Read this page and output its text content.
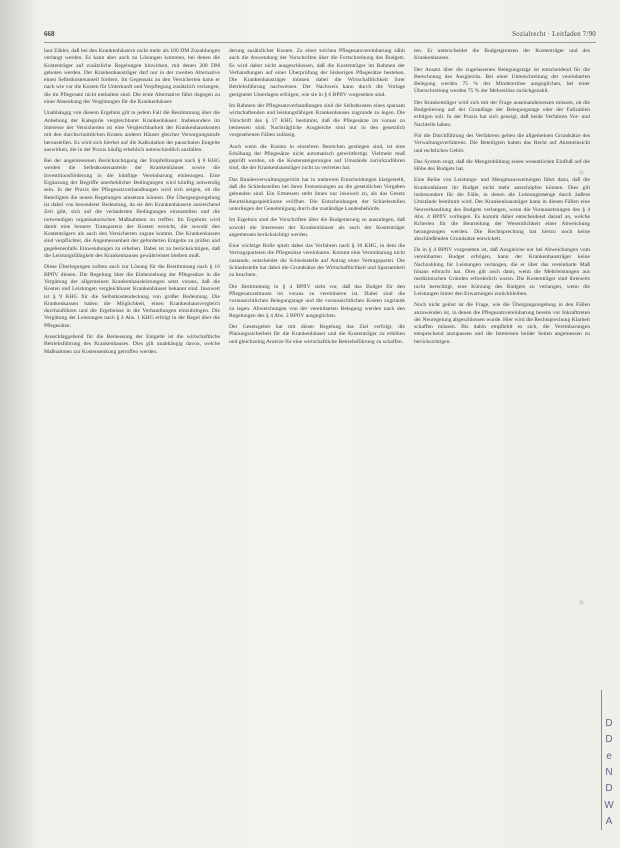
668	Sozialrecht · Leitfaden 7/90

laut Zähler, daß bei den Krankenhäusern nicht mehr als 100 DM Zuzahlungen verlangt werden. Es kann aber auch zu Lösungen kommen, bei denen die Kostenträger auf zusätzliche Regelungen hinwirken, mit denen 200 DM geboten werden. Der Krankenhausträger darf nur in der zweiten Alternative einen Selbstkostenanteil fordern. Im Gegensatz zu den Versicherten kann er nach wie vor die Kosten für Unterkunft und Verpflegung zusätzlich verlangen, die im Pflegesatz nicht enthalten sind. Die erste Alternative führt dagegen zu einer Absenkung der Vergütungen für die Krankenhäuser.

Unabhängig von diesem Ergebnis gilt in jedem Fall die Bestimmung über die Anhebung der Kategorie vergleichbarer Krankenhäuser. Insbesondere im Interesse der Versicherten ist eine Vergleichbarkeit der Krankenhauskosten mit den durchschnittlichen Kosten anderer Häuser gleicher Versorgungsstufe herzustellen. Es wird sich hierbei auf die Kalkulation der pauschalen Entgelte auswirken, die in der Praxis häufig erheblich unterschiedlich ausfallen.

Bei der angemessenen Berücksichtigung der Empfehlungen nach § 8 KHG werden die Selbstkostenanteile der Krankenhäuser sowie die Investitionsförderung in die künftige Vereinbarung einbezogen. Eine Ergänzung der Begriffe unerheblicher Bedingungen wird künftig notwendig sein. In der Praxis der Pflegesatzverhandlungen wird sich zeigen, ob die Beteiligten die neuen Regelungen umsetzen können. Die Übergangsregelung ist dabei von besonderer Bedeutung, da sie den Krankenhäusern ausreichend Zeit gibt, sich auf die veränderten Bedingungen einzustellen und die notwendigen organisatorischen Maßnahmen zu treffen. Im Ergebnis wird damit eine bessere Transparenz der Kosten erreicht, die sowohl den Kostenträgern als auch den Versicherten zugute kommt. Die Krankenkassen sind verpflichtet, die Angemessenheit der geforderten Entgelte zu prüfen und gegebenenfalls Einwendungen zu erheben. Dabei ist zu berücksichtigen, daß die Leistungsfähigkeit des Krankenhauses gewährleistet bleiben muß.

Diese Überlegungen sollten auch zur Lösung für die Bestimmung nach § 16 BPflV dienen. Die Regelung über die Einbeziehung der Pflegesätze in die Vergütung der allgemeinen Krankenhausleistungen setzt voraus, daß die Kosten und Leistungen vergleichbarer Krankenhäuser bekannt sind. Insoweit ist § 9 KHG für die Selbstkostendeckung von großer Bedeutung. Die Krankenkassen haben die Möglichkeit, einen Krankenhausvergleich durchzuführen und die Ergebnisse in die Verhandlungen einzubringen. Die Vergütung der Leistungen nach § 4 Abs. 1 KHG erfolgt in der Regel über die Pflegesätze.

Ausschlaggebend für die Bemessung der Entgelte ist die wirtschaftliche Betriebsführung des Krankenhauses. Dies gilt unabhängig davon, welche Maßnahmen zur Kostensenkung getroffen werden.

derung zusätzlicher Kosten. Zu einer solchen Pflegesatzvereinbarung zählt auch die Anwendung der Vorschriften über die Fortschreibung des Budgets. Es wird daher nicht ausgeschlossen, daß die Kostenträger im Rahmen der Verhandlungen auf einer Überprüfung der bisherigen Pflegesätze bestehen. Die Krankenhausträger müssen dabei die Wirtschaftlichkeit ihrer Betriebsführung nachweisen. Der Nachweis kann durch die Vorlage geeigneter Unterlagen erfolgen, wie sie in § 6 BPflV vorgesehen sind.

Im Rahmen der Pflegesatzverhandlungen sind die Selbstkosten eines sparsam wirtschaftenden und leistungsfähigen Krankenhauses zugrunde zu legen. Die Vorschrift des § 17 KHG bestimmt, daß die Pflegesätze im voraus zu bemessen sind. Nachträgliche Ausgleiche sind nur in den gesetzlich vorgesehenen Fällen zulässig.

Auch wenn die Kosten in einzelnen Bereichen gestiegen sind, ist eine Erhöhung der Pflegesätze nicht automatisch gerechtfertigt. Vielmehr muß geprüft werden, ob die Kostensteigerungen auf Umstände zurückzuführen sind, die der Krankenhausträger nicht zu vertreten hat.

Das Bundesverwaltungsgericht hat in mehreren Entscheidungen klargestellt, daß die Schiedsstellen bei ihren Festsetzungen an die gesetzlichen Vorgaben gebunden sind. Ein Ermessen steht ihnen nur insoweit zu, als das Gesetz Beurteilungsspielräume eröffnet. Die Entscheidungen der Schiedsstellen unterliegen der Genehmigung durch die zuständige Landesbehörde.

Im Ergebnis sind die Vorschriften über die Budgetierung so auszulegen, daß sowohl die Interessen der Krankenhäuser als auch der Kostenträger angemessen berücksichtigt werden.

Eine wichtige Rolle spielt dabei das Verfahren nach § 18 KHG, in dem die Vertragsparteien die Pflegesätze vereinbaren. Kommt eine Vereinbarung nicht zustande, entscheidet die Schiedsstelle auf Antrag einer Vertragspartei. Die Schiedsstelle hat dabei die Grundsätze der Wirtschaftlichkeit und Sparsamkeit zu beachten.

Die Bestimmung in § 4 BPflV sieht vor, daß das Budget für den Pflegesatzzeitraum im voraus zu vereinbaren ist. Dabei sind die voraussichtlichen Belegungstage und die voraussichtlichen Kosten zugrunde zu legen. Abweichungen von der vereinbarten Belegung werden nach den Regelungen des § 4 Abs. 2 BPflV ausgeglichen.

Der Gesetzgeber hat mit dieser Regelung das Ziel verfolgt, die Planungssicherheit für die Krankenhäuser und die Kostenträger zu erhöhen und gleichzeitig Anreize für eine wirtschaftliche Betriebsführung zu schaffen.

ten. Er unterscheidet die Budgetgrenzen der Kostenträger und des Krankenhauses.

Der Ansatz über die zugelassenen Belegungstage ist entscheidend für die Berechnung des Ausgleichs. Bei einer Unterschreitung der vereinbarten Belegung werden 75 % der Mindererlöse ausgeglichen, bei einer Überschreitung werden 75 % der Mehrerlöse zurückgezahlt.

Der Krankenträger wird sich mit der Frage auseinandersetzen müssen, ob die Budgetierung auf der Grundlage der Belegungstage oder der Fallzahlen erfolgen soll. In der Praxis hat sich gezeigt, daß beide Verfahren Vor- und Nachteile haben.

Für die Durchführung des Verfahrens gelten die allgemeinen Grundsätze des Verwaltungsverfahrens. Die Beteiligten haben das Recht auf Akteneinsicht und rechtliches Gehör.

Das System zeigt, daß die Mengenbildung einen wesentlichen Einfluß auf die Höhe des Budgets hat.

Eine Reihe von Leistungs- und Mengenausweitungen führt dazu, daß die Krankenhäuser ihr Budget nicht mehr ausschöpfen können. Dies gilt insbesondere für die Fälle, in denen die Leistungsmenge durch äußere Umstände bestimmt wird. Der Krankenhausträger kann in diesen Fällen eine Neuverhandlung des Budgets verlangen, wenn die Voraussetzungen des § 4 Abs. 4 BPflV vorliegen. Es kommt daher entscheidend darauf an, welche Kriterien für die Beurteilung der Wesentlichkeit einer Abweichung herangezogen werden. Die Rechtsprechung hat hierzu noch keine abschließenden Grundsätze entwickelt.

Da in § 4 BPflV vorgesehen ist, daß Ausgleiche nur bei Abweichungen vom vereinbarten Budget erfolgen, kann der Krankenhausträger keine Nachzahlung für Leistungen verlangen, die er über das vereinbarte Maß hinaus erbracht hat. Dies gilt auch dann, wenn die Mehrleistungen aus medizinischen Gründen erforderlich waren. Die Kostenträger sind ihrerseits nicht berechtigt, eine Kürzung des Budgets zu verlangen, wenn die Leistungen hinter den Erwartungen zurückbleiben.

Noch nicht gelöst ist die Frage, wie die Übergangsregelung in den Fällen anzuwenden ist, in denen die Pflegesatzvereinbarung bereits vor Inkrafttreten der Neuregelung abgeschlossen wurde. Hier wird die Rechtsprechung Klarheit schaffen müssen. Bis dahin empfiehlt es sich, die Vereinbarungen entsprechend anzupassen und die Interessen beider Seiten angemessen zu berücksichtigen.

D
D
e
N
D
W
A
